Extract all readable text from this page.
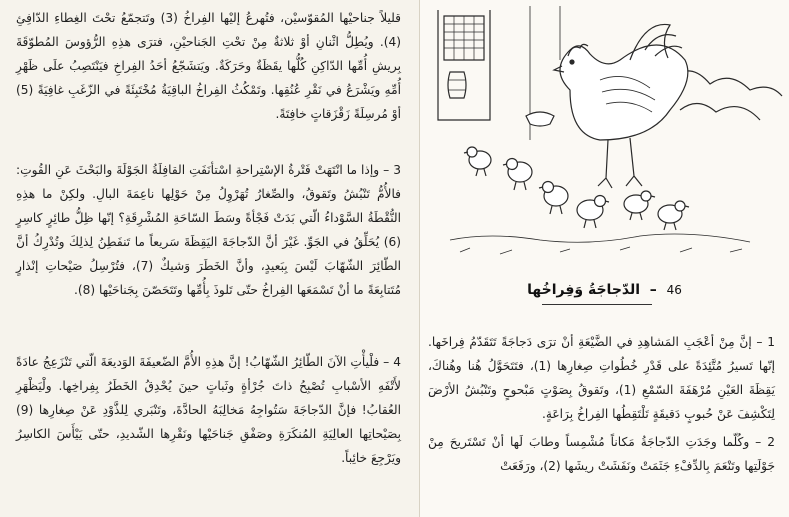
قليلاً جناحيْها المُقوّسيْن، فتُهرعُ إليْها الفِراخُ (3) وتَتجمّعُ تحْتَ الغِطاءِ الدّافِئِ (4). ويُطِلُّ اثْنانِ أوْ ثلاثةٌ مِنْ تحْتِ الجَناحيْنِ، فترَى هذِهِ الرُّؤوسَ المُطوّقَةَ بِريشِ أُمِّها الدّاكِنِ كُلُّها يقَظَةٌ وحَرَكَةٌ. ويَتشَجّعُ أحَدُ الفِراخِ فيَنْتَصِبُ علَى ظَهْرِ أُمِّهِ ويَشْرَعُ في نَقْرِ عُنُقِها. وتَمْكُثُ الفِراخُ الباقِيَةُ مُخْتَبِئَةً في الزّغَبِ غافِيَةً (5) أوْ مُرسِلَةً زَقْزَقاتٍ خافِتَةً.
3 – وإذا ما انْتَهَتْ فَتْرةُ الإسْتِراحةِ اسْتأنَفَتِ القافِلَةُ الجَوْلَةَ والبَحْثَ عَنِ القُوتِ: فالأُمُّ تَنْبُشُ وتَقوقُ، والصِّغارُ تُهَرْوِلُ مِنْ حَوْلِها ناعِمَةَ البالِ. ولكِنْ ما هذِهِ النُّقْطَةُ السَّوْداءُ الّتي بَدَتْ فَجْأةً وسَطَ السّاحَةِ المُشْرِقَةِ؟ إنّها ظِلُّ طائِرٍ كاسِرٍ (6) يُحَلِّقُ في الجَوِّ. غَيْرَ أنَّ الدّجاجَةَ اليَقِظَةَ سَريعاً ما تَنفَطِنُ لِذلِكَ وتُدْرِكُ أنَّ الطّائِرَ الشّهّابَ لَيْسَ بِبَعيدٍ، وأنَّ الخَطَرَ وَشيكٌ (7)، فتُرْسِلُ صَيْحاتِ إنْذارٍ مُتَتابِعَةً ما أنْ تَسْمَعَها الفِراخُ حتّى تَلوذَ بِأُمِّها وتَتَحَصّنَ بِجَناحَيْها (8).
4 – فلْيأْتِ الآنَ الطّائِرُ الشّهّابُ! إنَّ هذِهِ الأُمَّ الضّعيفَةَ الوَديعَةَ الّتي تَنْزَعِجُ عادَةً لأَتْفَهِ الأسْبابِ تُصْبِحُ ذاتَ جُرْأةٍ وثَباتٍ حينَ يُحْدِقُ الخَطَرُ بِفِراخِها. ولْيَظْهَرِ العُقابُ! فإنَّ الدّجاجَةَ سَتُواجِهُ مَخالِبَهُ الحادَّةَ، وتَنْبَري لِلذَّوْدِ عَنْ صِغارِها (9) بِصَيْحاتِها العالِيَةِ المُنكَرَةِ وصَفْقِ جَناحَيْها ونَقْرِها الشّديدِ، حتّى يَيْأَسَ الكاسِرُ ويَرْجِعَ خائِباً.
46  –  الدّجاجَةُ وَفِراخُها
1 – إنَّ مِنْ أعْجَبِ المَشاهِدِ في الضَّيْعَةِ أنْ ترَى دَجاجَةً تَتَقَدّمُ فِراخَها. إنّها تَسيرُ مُتَّئِدَةً على قَدْرِ خُطُواتِ صِغارِها (1)، فتَتَحَوَّلُ هُنا وهُناكَ، يَقِظَةَ العَيْنِ مُرْهَفَةَ السّمْعِ (1)، وتَقوقُ بِصَوْتٍ مَبْحوحٍ وتَنْبُشُ الأرْضَ لِتَكْشِفَ عَنْ حُبوبٍ دَقيقَةٍ تَلْتَقِطُها الفِراخُ بِرَاعَةٍ.
2 – وكُلّما وجَدَتِ الدّجاجَةُ مَكاناً مُشْمِساً وطابَ لَها أنْ تَسْتَريحَ مِنْ جَوْلَتِها وتَنْعَمَ بِالدِّفْءِ جَثَمَتْ ونَفَشَتْ ريشَها (2)، ورَفَعَتْ
